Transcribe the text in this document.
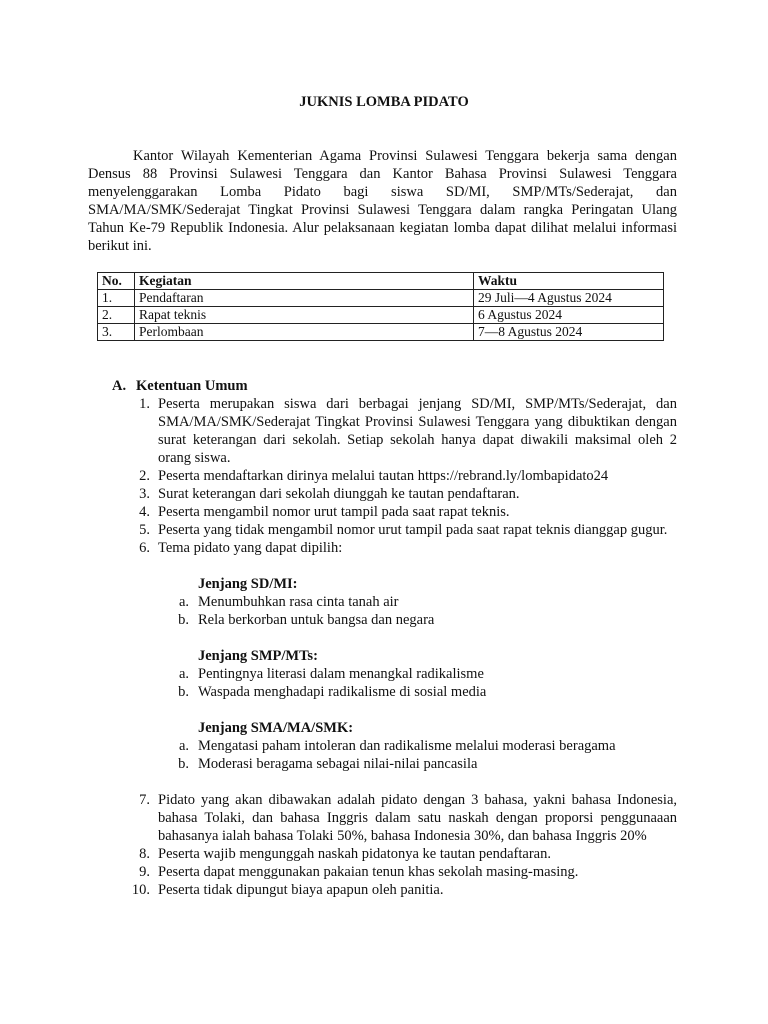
JUKNIS LOMBA PIDATO

Kantor Wilayah Kementerian Agama Provinsi Sulawesi Tenggara bekerja sama dengan Densus 88 Provinsi Sulawesi Tenggara dan Kantor Bahasa Provinsi Sulawesi Tenggara menyelenggarakan Lomba Pidato bagi siswa SD/MI, SMP/MTs/Sederajat, dan SMA/MA/SMK/Sederajat Tingkat Provinsi Sulawesi Tenggara dalam rangka Peringatan Ulang Tahun Ke-79 Republik Indonesia. Alur pelaksanaan kegiatan lomba dapat dilihat melalui informasi berikut ini.

No.	Kegiatan	Waktu
1.	Pendaftaran	29 Juli—4 Agustus 2024
2.	Rapat teknis	6 Agustus 2024
3.	Perlombaan	7—8 Agustus 2024
A. Ketentuan Umum
1. Peserta merupakan siswa dari berbagai jenjang SD/MI, SMP/MTs/Sederajat, dan SMA/MA/SMK/Sederajat Tingkat Provinsi Sulawesi Tenggara yang dibuktikan dengan surat keterangan dari sekolah. Setiap sekolah hanya dapat diwakili maksimal oleh 2 orang siswa.
2. Peserta mendaftarkan dirinya melalui tautan https://rebrand.ly/lombapidato24
3. Surat keterangan dari sekolah diunggah ke tautan pendaftaran.
4. Peserta mengambil nomor urut tampil pada saat rapat teknis.
5. Peserta yang tidak mengambil nomor urut tampil pada saat rapat teknis dianggap gugur.
6. Tema pidato yang dapat dipilih:
Jenjang SD/MI:
a. Menumbuhkan rasa cinta tanah air
b. Rela berkorban untuk bangsa dan negara
Jenjang SMP/MTs:
a. Pentingnya literasi dalam menangkal radikalisme
b. Waspada menghadapi radikalisme di sosial media
Jenjang SMA/MA/SMK:
a. Mengatasi paham intoleran dan radikalisme melalui moderasi beragama
b. Moderasi beragama sebagai nilai-nilai pancasila
7. Pidato yang akan dibawakan adalah pidato dengan 3 bahasa, yakni bahasa Indonesia, bahasa Tolaki, dan bahasa Inggris dalam satu naskah dengan proporsi penggunaaan bahasanya ialah bahasa Tolaki 50%, bahasa Indonesia 30%, dan bahasa Inggris 20%
8. Peserta wajib mengunggah naskah pidatonya ke tautan pendaftaran.
9. Peserta dapat menggunakan pakaian tenun khas sekolah masing-masing.
10. Peserta tidak dipungut biaya apapun oleh panitia.
